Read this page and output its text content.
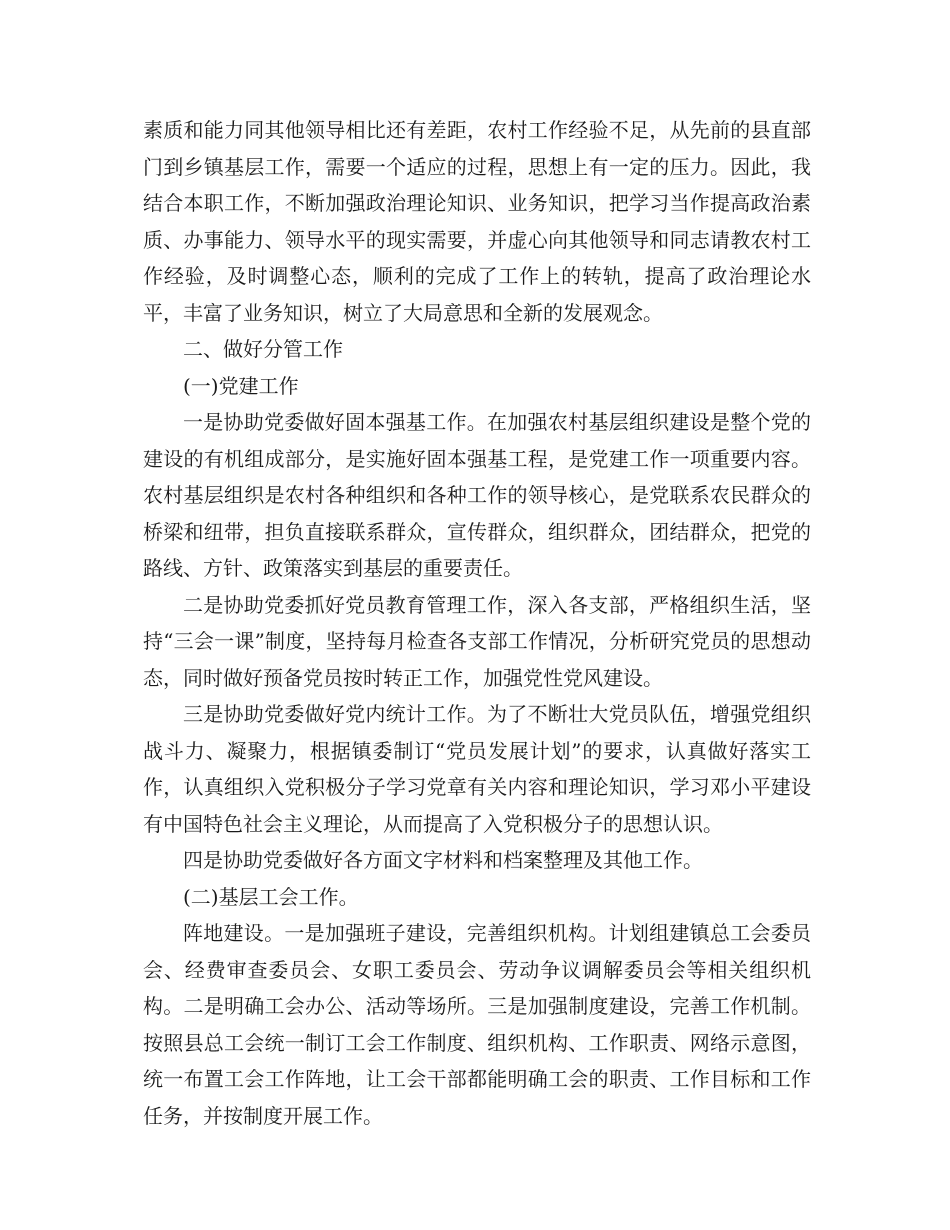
素质和能力同其他领导相比还有差距，农村工作经验不足，从先前的县直部门到乡镇基层工作，需要一个适应的过程，思想上有一定的压力。因此，我结合本职工作，不断加强政治理论知识、业务知识，把学习当作提高政治素质、办事能力、领导水平的现实需要，并虚心向其他领导和同志请教农村工作经验，及时调整心态，顺利的完成了工作上的转轨，提高了政治理论水平，丰富了业务知识，树立了大局意思和全新的发展观念。

二、做好分管工作

(一)党建工作

一是协助党委做好固本强基工作。在加强农村基层组织建设是整个党的建设的有机组成部分，是实施好固本强基工程，是党建工作一项重要内容。农村基层组织是农村各种组织和各种工作的领导核心，是党联系农民群众的桥梁和纽带，担负直接联系群众，宣传群众，组织群众，团结群众，把党的路线、方针、政策落实到基层的重要责任。

二是协助党委抓好党员教育管理工作，深入各支部，严格组织生活，坚持“三会一课”制度，坚持每月检查各支部工作情况，分析研究党员的思想动态，同时做好预备党员按时转正工作，加强党性党风建设。

三是协助党委做好党内统计工作。为了不断壮大党员队伍，增强党组织战斗力、凝聚力，根据镇委制订“党员发展计划”的要求，认真做好落实工作，认真组织入党积极分子学习党章有关内容和理论知识，学习邓小平建设有中国特色社会主义理论，从而提高了入党积极分子的思想认识。

四是协助党委做好各方面文字材料和档案整理及其他工作。

(二)基层工会工作。

阵地建设。一是加强班子建设，完善组织机构。计划组建镇总工会委员会、经费审查委员会、女职工委员会、劳动争议调解委员会等相关组织机构。二是明确工会办公、活动等场所。三是加强制度建设，完善工作机制。按照县总工会统一制订工会工作制度、组织机构、工作职责、网络示意图，统一布置工会工作阵地，让工会干部都能明确工会的职责、工作目标和工作任务，并按制度开展工作。
